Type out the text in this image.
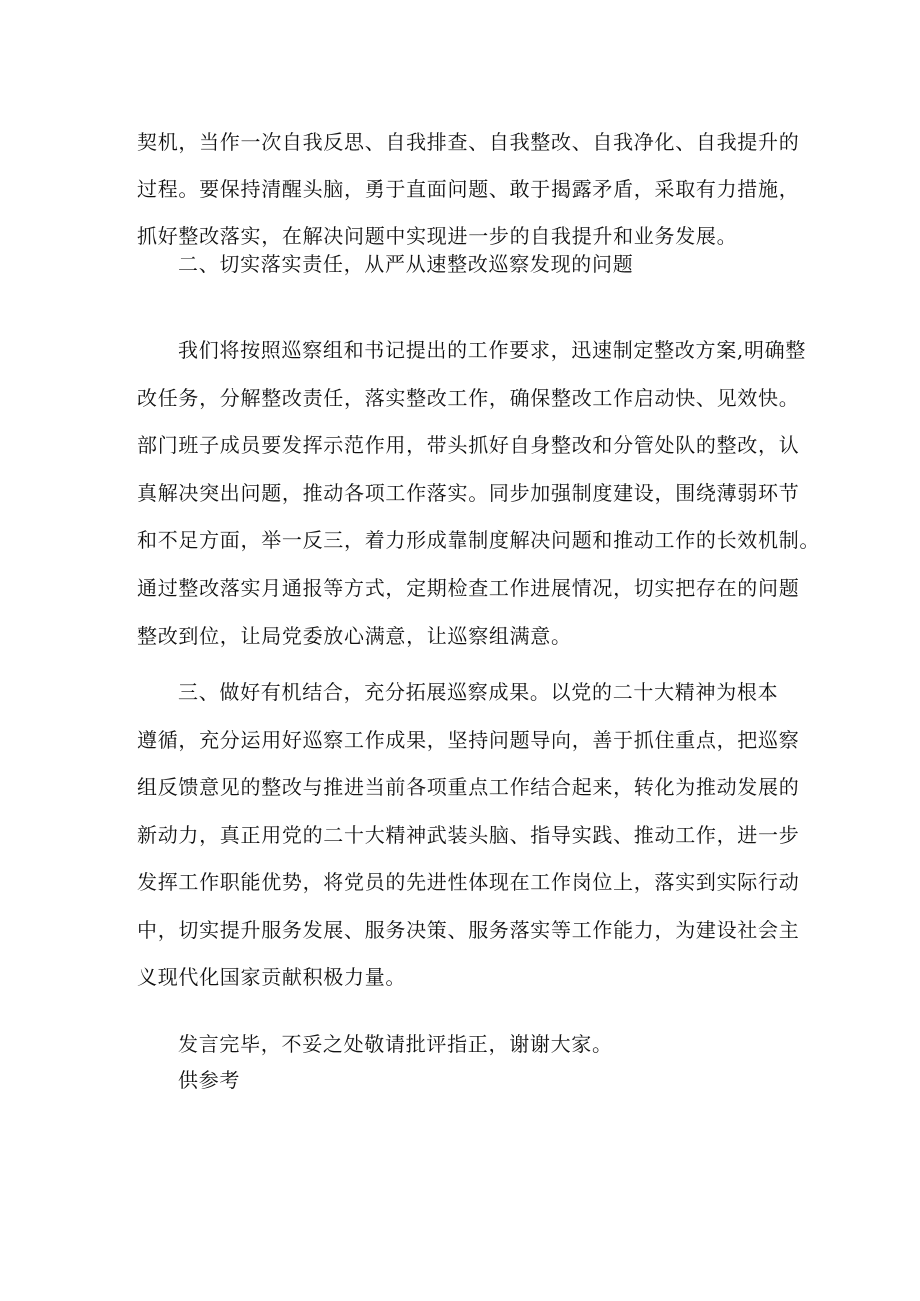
契机，当作一次自我反思、自我排查、自我整改、自我净化、自我提升的
过程。要保持清醒头脑，勇于直面问题、敢于揭露矛盾，采取有力措施，
抓好整改落实，在解决问题中实现进一步的自我提升和业务发展。
二、切实落实责任，从严从速整改巡察发现的问题
我们将按照巡察组和书记提出的工作要求，迅速制定整改方案,明确整
改任务，分解整改责任，落实整改工作，确保整改工作启动快、见效快。
部门班子成员要发挥示范作用，带头抓好自身整改和分管处队的整改，认
真解决突出问题，推动各项工作落实。同步加强制度建设，围绕薄弱环节
和不足方面，举一反三，着力形成靠制度解决问题和推动工作的长效机制。
通过整改落实月通报等方式，定期检查工作进展情况，切实把存在的问题
整改到位，让局党委放心满意，让巡察组满意。
三、做好有机结合，充分拓展巡察成果。以党的二十大精神为根本
遵循，充分运用好巡察工作成果，坚持问题导向，善于抓住重点，把巡察
组反馈意见的整改与推进当前各项重点工作结合起来，转化为推动发展的
新动力，真正用党的二十大精神武装头脑、指导实践、推动工作，进一步
发挥工作职能优势，将党员的先进性体现在工作岗位上，落实到实际行动
中，切实提升服务发展、服务决策、服务落实等工作能力，为建设社会主
义现代化国家贡献积极力量。
发言完毕，不妥之处敬请批评指正，谢谢大家。
供参考
